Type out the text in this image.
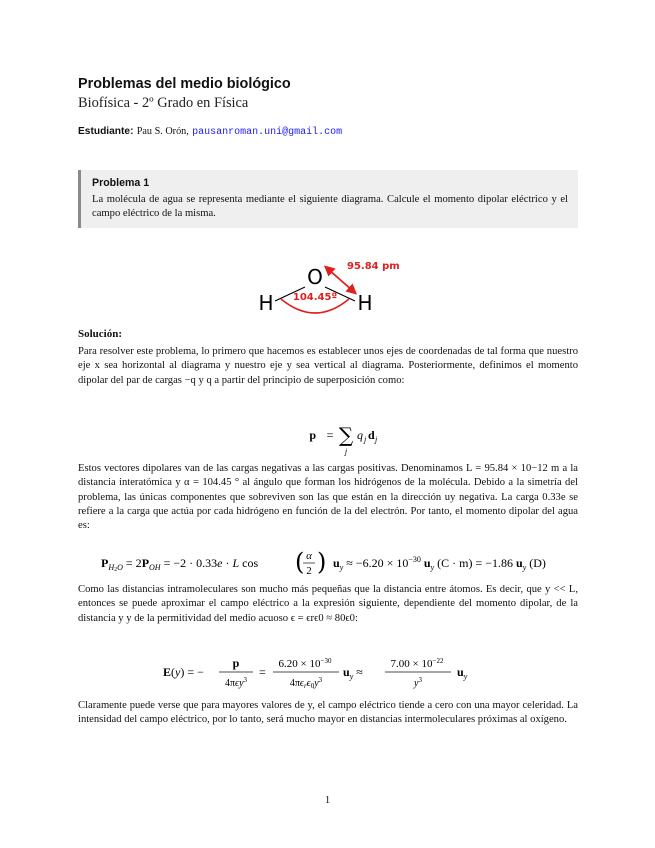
Problemas del medio biológico
Biofísica - 2º Grado en Física
Estudiante: Pau S. Orón, pausanroman.uni@gmail.com
Problema 1
La molécula de agua se representa mediante el siguiente diagrama. Calcule el momento dipolar eléctrico y el campo eléctrico de la misma.
O
H	H
95.84 pm
104.45º
Solución:
Para resolver este problema, lo primero que hacemos es establecer unos ejes de coordenadas de tal forma que nuestro eje x sea horizontal al diagrama y nuestro eje y sea vertical al diagrama. Posteriormente, definimos el momento dipolar del par de cargas −q y q a partir del principio de superposición como:
p = ∑
j
q j d j
Estos vectores dipolares van de las cargas negativas a las cargas positivas. Denominamos L = 95.84 × 10−12 m a la distancia interatómica y α = 104.45 ° al ángulo que forman los hidrógenos de la molécula. Debido a la simetría del problema, las únicas componentes que sobreviven son las que están en la dirección uy negativa. La carga 0.33e se refiere a la carga que actúa por cada hidrógeno en función de la del electrón. Por tanto, el momento dipolar del agua es:
$P_H2O = 2P_{OH} = -2 \cdot 0.33e \cdot L$ cos ( α
2 ) $u_y \approx -6.20 \times 10^{-30}$ $u_y$ (C · m) = −1.86 $u_y$ (D)
Como las distancias intramoleculares son mucho más pequeñas que la distancia entre átomos. Es decir, que y << L, entonces se puede aproximar el campo eléctrico a la expresión siguiente, dependiente del momento dipolar, de la distancia y y de la permitividad del medio acuoso ϵ = ϵrϵ0 ≈ 80ϵ0:
E(y) = −
p
4πϵy$^3$
=
$6.20 \times 10^{-30}$
$4\pi\epsilon_r\epsilon_0y^3$
$u_y$ ≈
$7.00 \times 10^{-22}$
$y^3$
$u_y$
Claramente puede verse que para mayores valores de y, el campo eléctrico tiende a cero con una mayor celeridad. La intensidad del campo eléctrico, por lo tanto, será mucho mayor en distancias intermoleculares próximas al oxígeno.
1
